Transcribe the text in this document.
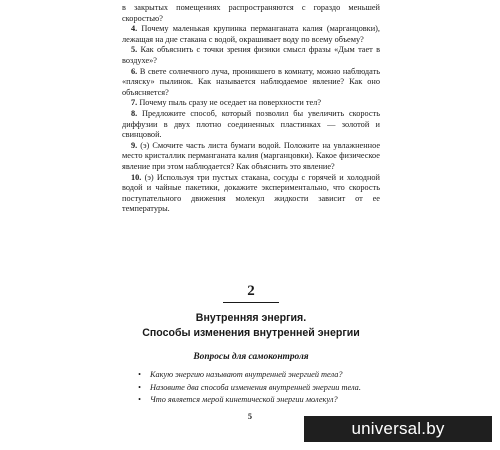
в закрытых помещениях распространяются с гораздо меньшей скоростью?

4. Почему маленькая крупинка перманганата калия (марганцовки), лежащая на дне стакана с водой, окрашивает воду по всему объему?

5. Как объяснить с точки зрения физики смысл фразы «Дым тает в воздухе»?

6. В свете солнечного луча, проникшего в комнату, можно наблюдать «пляску» пылинок. Как называется наблюдаемое явление? Как оно объясняется?

7. Почему пыль сразу не оседает на поверхности тел?

8. Предложите способ, который позволил бы увеличить скорость диффузии в двух плотно соединенных пластинках — золотой и свинцовой.

9. (э) Смочите часть листа бумаги водой. Положите на увлажненное место кристаллик перманганата калия (марганцовки). Какое физическое явление при этом наблюдается? Как объяснить это явление?

10. (э) Используя три пустых стакана, сосуды с горячей и холодной водой и чайные пакетики, докажите экспериментально, что скорость поступательного движения молекул жидкости зависит от ее температуры.

2
Внутренняя энергия.
Способы изменения внутренней энергии
Вопросы для самоконтроля
• Какую энергию называют внутренней энергией тела?
• Назовите два способа изменения внутренней энергии тела.
• Что является мерой кинетической энергии молекул?
5
universal.by
